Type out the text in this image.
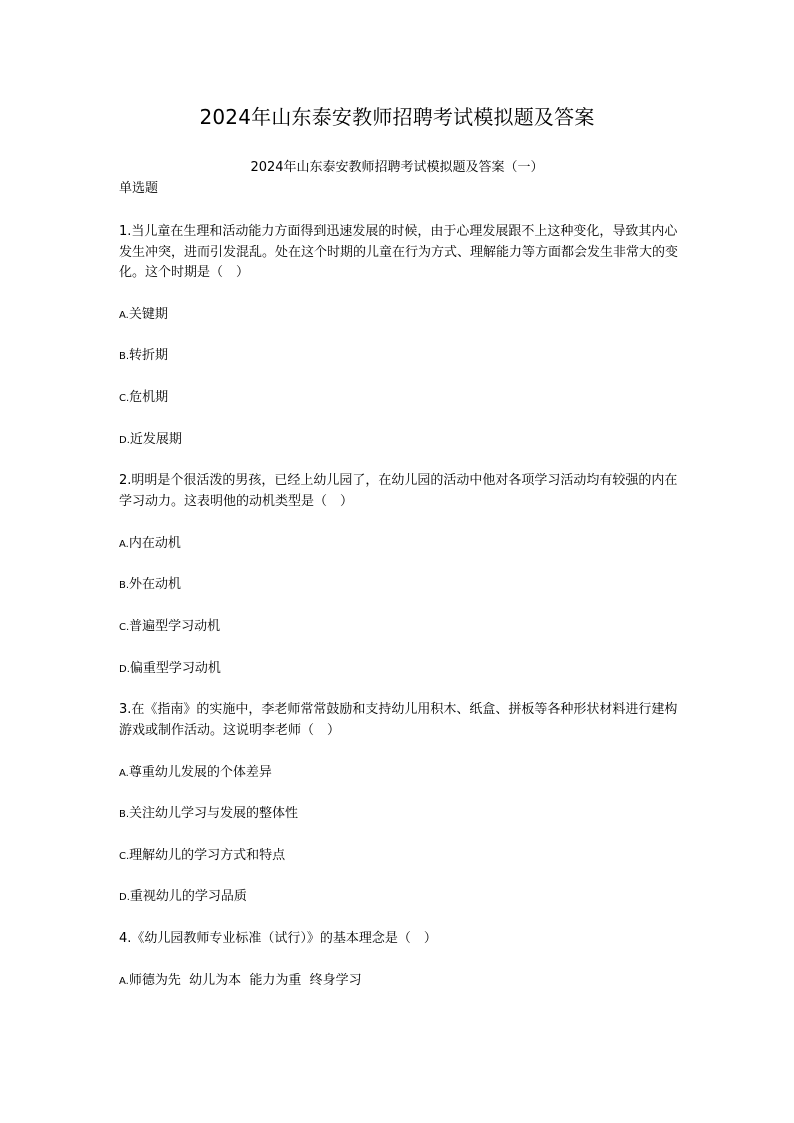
2024年山东泰安教师招聘考试模拟题及答案
2024年山东泰安教师招聘考试模拟题及答案（一）
单选题
1.当儿童在生理和活动能力方面得到迅速发展的时候，由于心理发展跟不上这种变化，导致其内心发生冲突，进而引发混乱。处在这个时期的儿童在行为方式、理解能力等方面都会发生非常大的变化。这个时期是（　）
A.关键期
B.转折期
C.危机期
D.近发展期
2.明明是个很活泼的男孩，已经上幼儿园了，在幼儿园的活动中他对各项学习活动均有较强的内在学习动力。这表明他的动机类型是（　）
A.内在动机
B.外在动机
C.普遍型学习动机
D.偏重型学习动机
3.在《指南》的实施中，李老师常常鼓励和支持幼儿用积木、纸盒、拼板等各种形状材料进行建构游戏或制作活动。这说明李老师（　）
A.尊重幼儿发展的个体差异
B.关注幼儿学习与发展的整体性
C.理解幼儿的学习方式和特点
D.重视幼儿的学习品质
4.《幼儿园教师专业标准（试行）》的基本理念是（　）
A.师德为先  幼儿为本  能力为重  终身学习
